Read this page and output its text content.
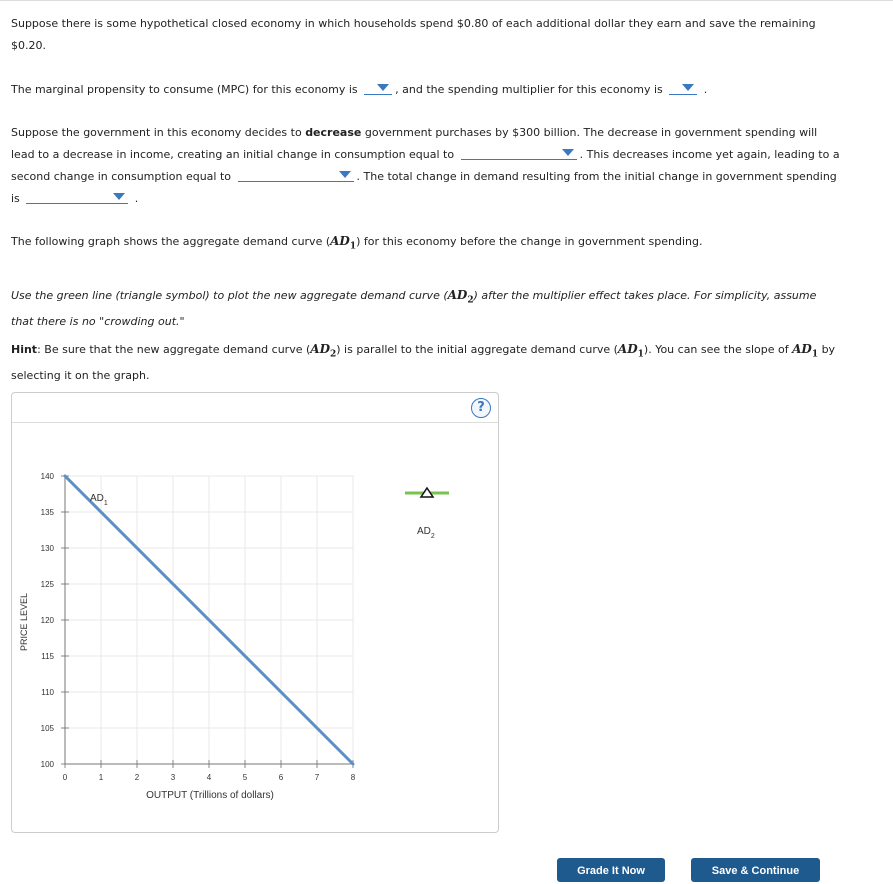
Suppose there is some hypothetical closed economy in which households spend $0.80 of each additional dollar they earn and save the remaining $0.20.

The marginal propensity to consume (MPC) for this economy is	, and the spending multiplier for this economy is	.

Suppose the government in this economy decides to decrease government purchases by $300 billion. The decrease in government spending will lead to a decrease in income, creating an initial change in consumption equal to	. This decreases income yet again, leading to a second change in consumption equal to	. The total change in demand resulting from the initial change in government spending is	.

The following graph shows the aggregate demand curve $(AD_1)$ for this economy before the change in government spending.

Use the green line (triangle symbol) to plot the new aggregate demand curve $(AD_2)$ after the multiplier effect takes place. For simplicity, assume that there is no "crowding out."

Hint: Be sure that the new aggregate demand curve $(AD_2)$ is parallel to the initial aggregate demand curve $(AD_1)$. You can see the slope of $AD_1$ by selecting it on the graph.

?
0	1	2	3	4	5	6	7	8
100
105
110
115
120
125
130
135
140
PRICE LEVEL
OUTPUT (Trillions of dollars)
$AD_1$
$AD_2$
Grade It Now	Save & Continue
